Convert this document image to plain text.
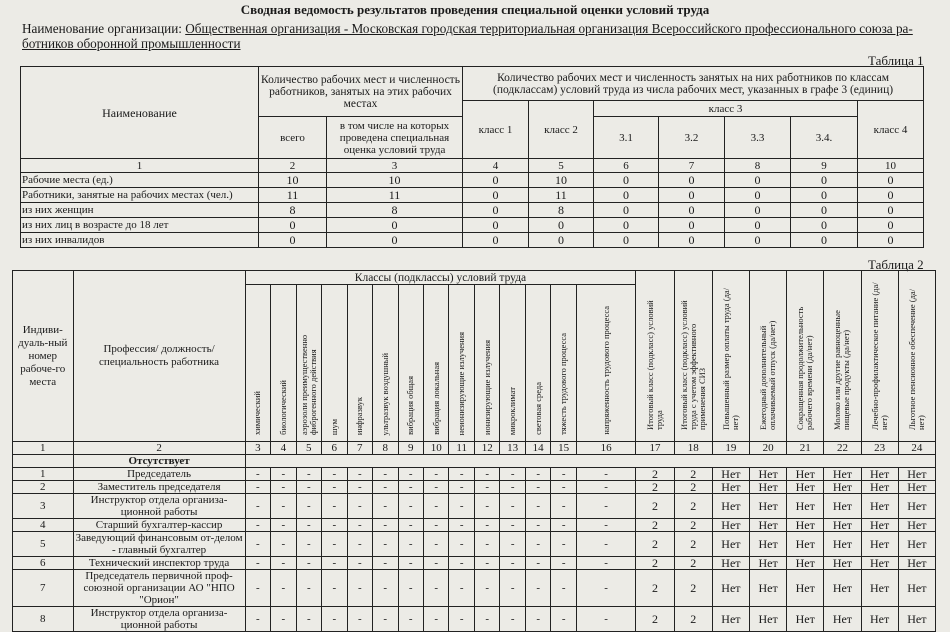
Сводная ведомость результатов проведения специальной оценки условий труда
Наименование организации: Общественная организация - Московская городская территориальная организация Всероссийского профессионального союза ра-
ботников оборонной промышленности
Таблица 1
Наименование	Количество рабочих мест и численность работников, занятых на этих рабочих местах		Количество рабочих мест и численность занятых на них работников по классам (подклассам) условий труда из числа рабочих мест, указанных в графе 3 (единиц)						
			класс 1	класс 2	класс 3				класс 4
	всего	в том числе на которых проведена специальная оценка условий труда			3.1	3.2	3.3	3.4.	
1	2	3	4	5	6	7	8	9	10
Рабочие места (ед.)	10	10	0	10	0	0	0	0	0
Работники, занятые на рабочих местах (чел.)	11	11	0	11	0	0	0	0	0
из них женщин	8	8	0	8	0	0	0	0	0
из них лиц в возрасте до 18 лет	0	0	0	0	0	0	0	0	0
из них инвалидов	0	0	0	0	0	0	0	0	0
Таблица 2
Индиви-дуаль-ный номер рабоче-го места	Профессия/ должность/ специальность работника	Классы (подклассы) условий труда														Итоговый класс (подкласс) условий труда	Итоговый класс (подкласс) условий труда с учетом эффективного применения СИЗ	Повышенный размер оплаты труда (да/нет)	Ежегодный дополнительный оплачиваемый отпуск (да/нет)	Сокращенная продолжительность рабочего времени (да/нет)	Молоко или другие равноценные пищевые продукты (да/нет)	Лечебно-профилактическое питание (да/нет)	Льготное пенсионное обеспечение (да/нет)
		химический	биологический	аэрозоли преимущественно фиброгенного действия	шум	инфразвук	ультразвук воздушный	вибрация общая	вибрация локальная	неионизирующие излучения	ионизирующие излучения	микроклимат	световая среда	тяжесть трудового процесса	напряженность трудового процесса								
1	2	3	4	5	6	7	8	9	10	11	12	13	14	15	16	17	18	19	20	21	22	23	24
	Отсутствует																						
1	Председатель	-	-	-	-	-	-	-	-	-	-	-	-	-	-	2	2	Нет	Нет	Нет	Нет	Нет	Нет
2	Заместитель председателя	-	-	-	-	-	-	-	-	-	-	-	-	-	-	2	2	Нет	Нет	Нет	Нет	Нет	Нет
3	Инструктор отдела организа-ционной работы	-	-	-	-	-	-	-	-	-	-	-	-	-	-	2	2	Нет	Нет	Нет	Нет	Нет	Нет
4	Старший бухгалтер-кассир	-	-	-	-	-	-	-	-	-	-	-	-	-	-	2	2	Нет	Нет	Нет	Нет	Нет	Нет
5	Заведующий финансовым от-делом - главный бухгалтер	-	-	-	-	-	-	-	-	-	-	-	-	-	-	2	2	Нет	Нет	Нет	Нет	Нет	Нет
6	Технический инспектор труда	-	-	-	-	-	-	-	-	-	-	-	-	-	-	2	2	Нет	Нет	Нет	Нет	Нет	Нет
7	Председатель первичной проф-союзной организации АО "НПО "Орион"	-	-	-	-	-	-	-	-	-	-	-	-	-	-	2	2	Нет	Нет	Нет	Нет	Нет	Нет
8	Инструктор отдела организа-ционной работы	-	-	-	-	-	-	-	-	-	-	-	-	-	-	2	2	Нет	Нет	Нет	Нет	Нет	Нет
